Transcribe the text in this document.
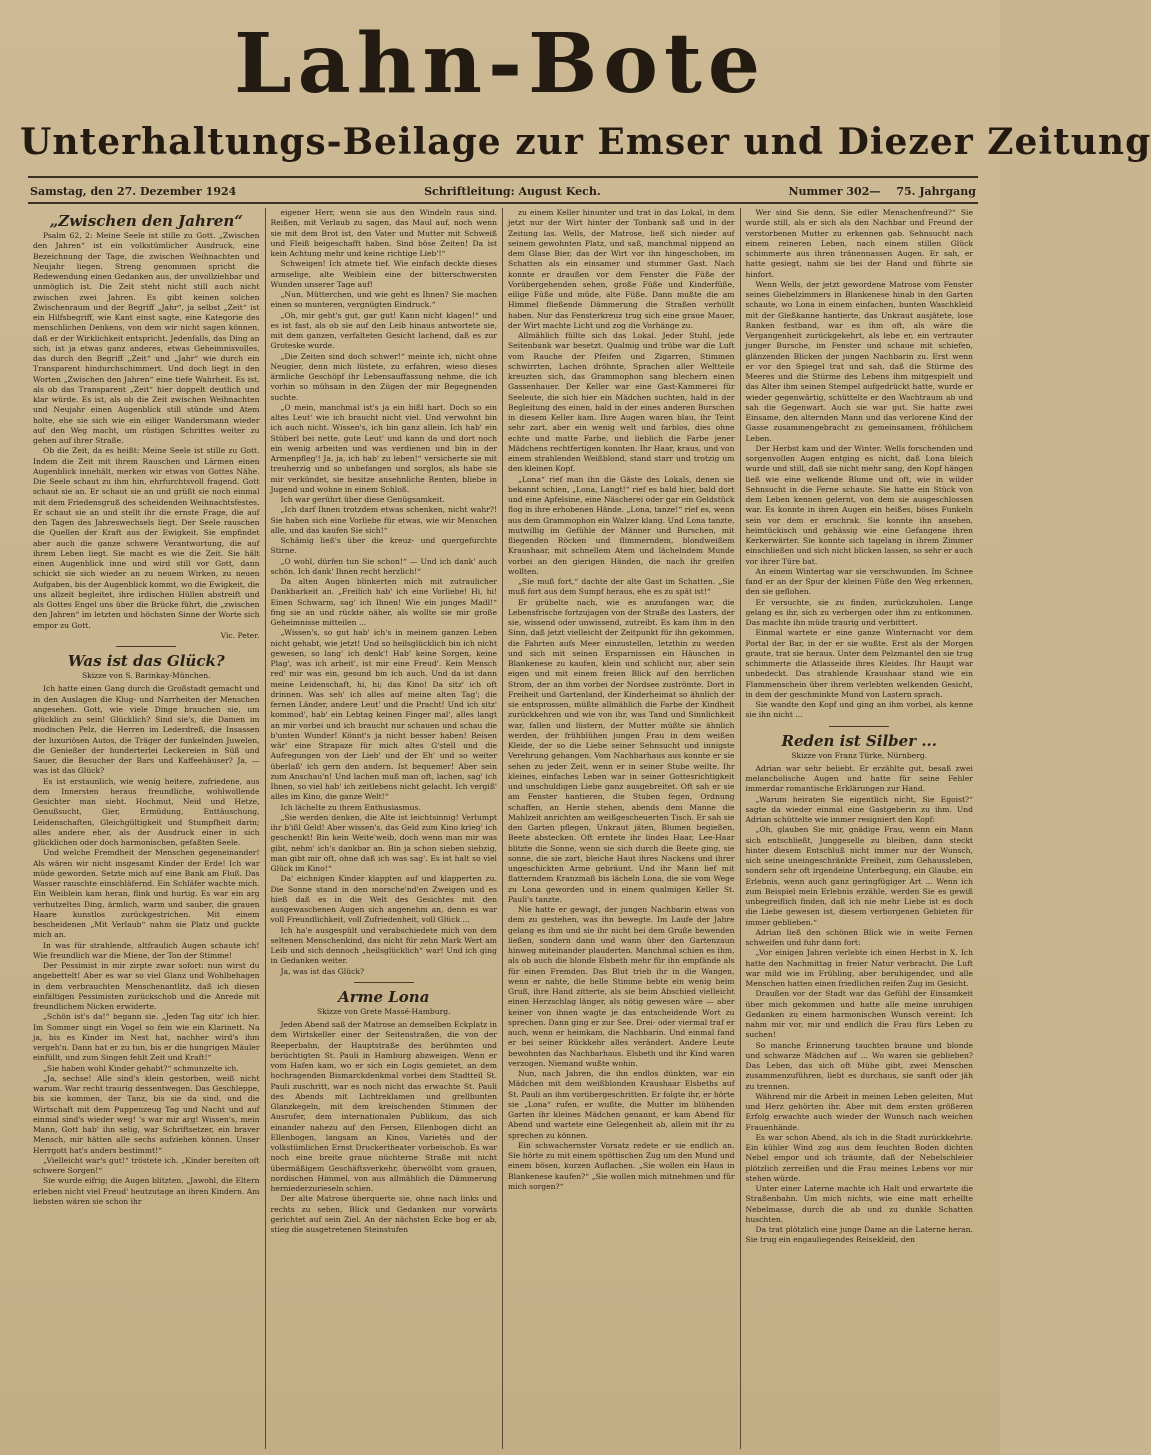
Lahn-Bote
Unterhaltungs-Beilage zur Emser und Diezer Zeitung
Samstag, den 27. Dezember 1924	Schriftleitung: August Kech.	Nummer 302— 75. Jahrgang
„Zwischen den Jahren“

Psalm 62, 2: Meine Seele ist stille zu Gott. „Zwischen den Jahren“ ist ein volkstümlicher Ausdruck, eine Bezeichnung der Tage, die zwischen Weihnachten und Neujahr liegen. Streng genommen spricht die Redewendung einen Gedanken aus, der unvollziehbar und unmöglich ist. Die Zeit steht nicht still auch nicht zwischen zwei Jahren. Es gibt keinen solchen Zwischenraum und der Begriff „Jahr“, ja selbst „Zeit“ ist ein Hilfsbegriff, wie Kant einst sagte, eine Kategorie des menschlichen Denkens, von dem wir nicht sagen können, daß er der Wirklichkeit entspricht. Jedenfalls, das Ding an sich, ist ja etwas ganz anderes, etwas Geheimnisvolles, das durch den Begriff „Zeit“ und „Jahr“ wie durch ein Transparent hindurchschimmert. Und doch liegt in den Worten „Zwischen den Jahren“ eine tiefe Wahrheit. Es ist, als ob das Transparent „Zeit“ hier doppelt deutlich und klar würde. Es ist, als ob die Zeit zwischen Weihnachten und Neujahr einen Augenblick still stünde und Atem holte, ehe sie sich wie ein eiliger Wandersmann wieder auf den Weg macht, um rüstigen Schrittes weiter zu gehen auf ihrer Straße.

Ob die Zeit, da es heißt: Meine Seele ist stille zu Gott. Indem die Zeit mit ihrem Rauschen und Lärmen einen Augenblick innehält, merken wir etwas von Gottes Nähe. Die Seele schaut zu ihm hin, ehrfurchtsvoll fragend. Gott schaut sie an. Er schaut sie an und grüßt sie noch einmal mit dem Friedensgruß des scheidenden Weihnachtsfestes. Er schaut sie an und stellt ihr die ernste Frage, die auf den Tagen des Jahreswechsels liegt. Der Seele rauschen die Quellen der Kraft aus der Ewigkeit. Sie empfindet aber auch die ganze schwere Verantwortung, die auf ihrem Leben liegt. Sie macht es wie die Zeit. Sie hält einen Augenblick inne und wird still vor Gott, dann schickt sie sich wieder an zu neuem Wirken, zu neuen Aufgaben, bis der Augenblick kommt, wo die Ewigkeit, die uns allzeit begleitet, ihre irdischen Hüllen abstreift und als Gottes Engel uns über die Brücke führt, die „zwischen den Jahren“ im letzten und höchsten Sinne der Worte sich empor zu Gott.

Vic. Peter.

Was ist das Glück?

Skizze von S. Barinkay-München.

Ich hatte einen Gang durch die Großstadt gemacht und in den Auslagen die Klug- und Narrheiten der Menschen angesehen. Gott, wie viele Dinge brauchen sie, um glücklich zu sein! Glücklich? Sind sie's, die Damen im modischen Pelz, die Herren im Lederdreß, die Insassen der luxuriösen Autos, die Träger der funkelnden Juwelen, die Genießer der hunderterlei Leckereien in Süß und Sauer, die Besucher der Bars und Kaffeehäuser? Ja, — was ist das Glück?

Es ist erstaunlich, wie wenig heitere, zufriedene, aus dem Innersten heraus freundliche, wohlwollende Gesichter man sieht. Hochmut, Neid und Hetze, Genußsucht, Gier, Ermüdung, Enttäuschung, Leidenschaften, Gleichgültigkeit und Stumpfheit darin; alles andere eher, als der Ausdruck einer in sich glücklichen oder doch harmonischen, gefaßten Seele.

Und welche Fremdheit der Menschen gegeneinander! Als wären wir nicht insgesamt Kinder der Erde! Ich war müde geworden. Setzte mich auf eine Bank am Fluß. Das Wasser rauschte einschläfernd. Ein Schläfer wachte mich. Ein Weiblein kam heran, flink und hurtig. Es war ein arg verhutzeltes Ding, ärmlich, warm und sauber, die grauen Haare kunstlos zurückgestrichen. Mit einem bescheidenen „Mit Verlaub“ nahm sie Platz und guckte mich an.

In was für strahlende, altfraulich Augen schaute ich! Wie freundlich war die Miene, der Ton der Stimme!

Der Pessimist in mir zirpte zwar sofort: nun wirst du angebettelt! Aber es war so viel Glanz und Wohlbehagen in dem verbrauchten Menschenantlitz, daß ich diesen einfältigen Pessimisten zurückschob und die Anrede mit freundlichem Nicken erwiderte.

„Schön ist's da!“ begann sie. „Jeden Tag sitz' ich hier. Im Sommer singt ein Vogel so fein wie ein Klarinett. Na ja, bis es Kinder im Nest hat, nachher wird's ihm vergeh'n. Dann hat er zu tun, bis er die hungrigen Mäuler einfüllt, und zum Singen fehlt Zeit und Kraft!“

„Sie haben wohl Kinder gehabt?“ schmunzelte ich.

„Ja, sechse! Alle sind's klein gestorben, weiß nicht warum. War recht traurig dessentwegen. Das Geschleppe, bis sie kommen, der Tanz, bis sie da sind, und die Wirtschaft mit dem Puppenzeug Tag und Nacht und auf einmal sind's wieder weg! 's war mir arg! Wissen's, mein Mann, Gott hab' ihn selig, war Schriftsetzer, ein braver Mensch, mir hätten alle sechs aufziehen können. Unser Herrgott hat's anders bestimmt!“

„Vielleicht war's gut!“ tröstete ich. „Kinder bereiten oft schwere Sorgen!“

Sie wurde eifrig; die Augen blitzten. „Jawohl, die Eltern erleben nicht viel Freud' heutzutage an ihren Kindern. Am liebsten wären sie schon ihr

eigener Herr, wenn sie aus den Windeln raus sind. Reißen, mit Verlaub zu sagen, das Maul auf, noch wenn sie mit dem Brot ist, den Vater und Mutter mit Schweiß und Fleiß beigeschafft haben. Sind böse Zeiten! Da ist kein Achtung mehr und keine richtige Lieb'!“

Schweigen! Ich atmete tief. Wie einfach deckte dieses armselige, alte Weiblein eine der bitterschwersten Wunden unserer Tage auf!

„Nun, Mütterchen, und wie geht es Ihnen? Sie machen einen so munteren, vergnügten Eindruck.“

„Oh, mir geht's gut, gar gut! Kann nicht klagen!“ und es ist fast, als ob sie auf den Leib hinaus antwortete sie, mit dem ganzen, verfalteten Gesicht lachend, daß es zur Groteske wurde.

„Die Zeiten sind doch schwer!“ meinte ich, nicht ohne Neugier, denn mich lüstete, zu erfahren, wieso dieses ärmliche Geschöpf ihr Lebensauffassung nehme, die ich vorhin so mühsam in den Zügen der mir Begegnenden suchte.

„O mein, manchmal ist's ja ein bißl hart. Doch so ein altes Leut' wie ich braucht nicht viel. Und verwohnt bin ich auch nicht. Wissen's, ich bin ganz allein. Ich hab' ein Stüberl bei nette, gute Leut' und kann da und dort noch ein wenig arbeiten und was verdienen und bin in der Armenpfleg'! Ja, ja, ich hab' zu leben!“ versicherte sie mit treuherzig und so unbefangen und sorglos, als habe sie mir verkündet, sie besitze ansehnliche Renten, bliebe in Jugend und wohne in einem Schloß.

Ich war gerührt über diese Genügsamkeit.

„Ich darf Ihnen trotzdem etwas schenken, nicht wahr?! Sie haben sich eine Vorliebe für etwas, wie wir Menschen alle, und das kaufen Sie sich!“

Schämig ließ's über die kreuz- und quergefurchte Stirne.

„O wohl, dürfen tun Sie schon!“ — Und ich dank' auch schön. Ich dank' Ihnen recht herzlich!“

Da alten Augen blinkerten mich mit zutraulicher Dankbarkeit an. „Freilich hab' ich eine Vorliebe! Hi, hi! Einen Schwarm, sag' ich Ihnen! Wie ein junges Madl!“ fing sie an und rückte näher, als wollte sie mir große Geheimnisse mitteilen ...

„Wissen's, so gut hab' ich's in meinem ganzen Leben nicht gehabt, wie jetzt! Und so heilsglücklich bin ich nicht gewesen, so lang' ich denk'! Hab' keine Sorgen, keine Plag', was ich arbeit', ist mir eine Freud'. Kein Mensch red' mir was ein, gesund bin ich auch. Und da ist dann meine Leidenschaft, hi, hi; das Kino! Da sitz' ich oft drinnen. Was seh' ich alles auf meine alten Tag'; die fernen Länder, andere Leut' und die Pracht! Und ich sitz' kommod', hab' ein Lebtag keinen Finger mal', alles langt an mir vorbei und ich braucht nur schauen und schau die b'unten Wunder! Könnt's ja nicht besser haben! Reisen wär' eine Strapaze für mich altes G'stell und die Aufregungen von der Lieb' und der Eh' und so weiter überlaß' ich gern den andern. Ist bequemer! Aber sein zum Anschau'n! Und lachen muß man oft, lachen, sag' ich Ihnen, so viel hab' ich zeitlebens nicht gelacht. Ich vergiß' alles im Kino, die ganze Welt!“

Ich lächelte zu ihrem Enthusiasmus.

„Sie werden denken, die Alte ist leichtsinnig! Verlumpt ihr b'ißl Geld! Aber wissen's, das Geld zum Kino krieg' ich geschenkt! Bin kein Weite'weib, doch wenn man mir was gibt, nehm' ich's dankbar an. Bin ja schon sieben siebzig, man gibt mir oft, ohne daß ich was sag'. Es ist halt so viel Glück im Kino!“

Da' eichnigen Kinder klappten auf und klapperten zu. Die Sonne stand in den morsche'nd'en Zweigen und es hieß daß es in die Welt des Gesichtes mit den ausgewaschenen Augen sich angenehm an, denn es war voll Freundlichkeit, voll Zufriedenheit, voll Glück ...

Ich ha'e ausgespült und verabschiedete mich von dem seltenen Menschenkind, das nicht für zehn Mark Wert am Leib und sich dennoch „heilsglücklich“ war! Und ich ging in Gedanken weiter.

Ja, was ist das Glück?

Arme Lona

Skizze von Grete Massé-Hamburg.

Jeden Abend saß der Matrose an demselben Eckplatz in dem Wirtskeller einer der Seitenstraßen, die von der Reeperbahn, der Hauptstraße des berühmten und berüchtigten St. Pauli in Hamburg abzweigen. Wenn er vom Hafen kam, wo er sich ein Logis gemietet, an dem hochragenden Bismarckdenkmal vorbei dem Stadtteil St. Pauli zuschritt, war es noch nicht das erwachte St. Pauli des Abends mit Lichtreklamen und grellbunten Glanzkegeln, mit dem kreischenden Stimmen der Ausrufer, dem internationalen Publikum, das sich einander nahezu auf den Fersen, Ellenbogen dicht an Ellenbogen, langsam an Kinos, Varietés und der volkstümlichen Ernst Druckertheater vorbeischob. Es war noch eine breite graue nüchterne Straße mit nicht übermäßigem Geschäftsverkehr, überwölbt vom grauen, nordischen Himmel, von aus allmählich die Dämmerung herniederzurieseln schien.

Der alte Matrose überquerte sie, ohne nach links und rechts zu sehen, Blick und Gedanken nur vorwärts gerichtet auf sein Ziel. An der nächsten Ecke bog er ab, stieg die ausgetretenen Steinstufen

zu einem Keller hinunter und trat in das Lokal, in dem jetzt nur der Wirt hinter der Tonbank saß und in der Zeitung las. Wells, der Matrose, ließ sich nieder auf seinem gewohnten Platz, und saß, manchmal nippend an dem Glase Bier, das der Wirt vor ihn hingeschoben, im Schatten als ein einsamer und stummer Gast. Nach konnte er draußen vor dem Fenster die Füße der Vorübergehenden sehen, große Füße und Kinderfüße, eilige Füße und müde, alte Füße. Dann mußte die am Himmel fließende Dämmerung die Straßen verhüllt haben. Nur das Fensterkreuz trug sich eine graue Mauer, der Wirt machte Licht und zog die Vorhänge zu.

Allmählich füllte sich das Lokal. Jeder Stuhl, jede Seitenbank war besetzt. Qualmig und trübe war die Luft vom Rauche der Pfeifen und Zigarren, Stimmen schwirrten, Lachen dröhnte, Sprachen aller Weltteile kreuzten sich, das Grammophon sang blechern einen Gassenhauer. Der Keller war eine Gast-Kammerei für Seeleute, die sich hier ein Mädchen suchten, hald in der Begleitung des einen, bald in der eines anderen Burschen in diesem Keller kam. Ihre Augen waren blau, ihr Teint sehr zart, aber ein wenig welt und farblos, dies ohne echte und matte Farbe, und lieblich die Farbe jener Mädchens rechtfertigen konnten. Ihr Haar, kraus, und von einem strahlenden Weißblond, stand starr und trotzig um den kleinen Kopf.

„Lona“ rief man ihn die Gäste des Lokals, denen sie bekannt schien, „Lona, Langt!“ rief es bald hier, bald dort und eine Apfelsine, eine Näscherei oder gar ein Geldstück flog in ihre erhobenen Hände. „Lona, tanze!“ rief es, wenn aus dem Grammophon ein Walzer klang. Und Lona tanzte, mutwillig im Gefühle der Männer und Burschen, mit fliegenden Röcken und flimmerndem, blondweißem Kraushaar, mit schnellem Atem und lächelndem Munde vorbei an den gierigen Händen, die nach ihr greifen wollten.

„Sie muß fort,“ dachte der alte Gast im Schatten. „Sie muß fort aus dem Sumpf heraus, ehe es zu spät ist!“

Er grübelte nach, wie es anzufangen war, die Lebensfrische fortzujagen von der Straße des Lasters, der sie, wissend oder unwissend, zutreibt. Es kam ihm in den Sinn, daß jetzt vielleicht der Zeitpunkt für ihn gekommen, die Fahrten aufs Meer einzustellen, letzthin zu werden und sich mit seinen Ersparnissen ein Häuschen in Blankenese zu kaufen, klein und schlicht nur, aber sein eigen und mit einem freien Blick auf den herrlichen Strom, der an ihm vorbei der Nordsee zuströmte. Dort in Freiheit und Gartenland, der Kinderheimat so ähnlich der sie entsprossen, müßte allmählich die Farbe der Kindheit zurückkehren und wie von ihr, was Tand und Sinnlichkeit war, fallen und lüstern, der Mutter müßte sie ähnlich werden, der frühblühen jungen Frau in dem weißen Kleide, der so die Liebe seiner Sehnsucht und innigste Verehrung gehangen. Vom Nachbarhaus aus konnte er sie sehen zu jeder Zeit, wenn er in seiner Stube weilte. Ihr kleines, einfaches Leben war in seiner Gottesrichtigkeit und unschuldigen Liebe ganz ausgebreitet. Oft sah er sie am Fenster hantieren, die Stuben fegen, Ordnung schaffen, an Herde stehen, abends dem Manne die Mahlzeit anrichten am weißgescheuerten Tisch. Er sah sie den Garten pflegen, Unkraut jäten, Blumen begießen, Beete abstecken. Oft erntete ihr lindes Haar, Lee-Haar blitzte die Sonne, wenn sie sich durch die Beete ging, sie sonne, die sie zart, bleiche Haut ihres Nackens und ihrer ungeschickten Arme gebräunt. Und ihr Mann lief mit flatterndem Kranzmaß bis lächeln Lona, die sie vom Wege zu Lona geworden und in einem qualmigen Keller St. Pauli's tanzte.

Nie hatte er gewagt, der jungen Nachbarin etwas von dem zu gestehen, was ihn bewegte. Im Laufe der Jahre gelang es ihm und sie ihr nicht bei dem Gruße bewenden ließen, sondern dann und wann über den Gartenzaun hinweg miteinander plauderten. Manchmal schien es ihm, als ob auch die blonde Elsbeth mehr für ihn empfände als für einen Fremden. Das Blut trieb ihr in die Wangen, wenn er nahte, die helle Stimme bebte ein wenig beim Gruß, ihre Hand zitterte, als sie beim Abschied vielleicht einen Herzschlag länger, als nötig gewesen wäre — aber keiner von ihnen wagte je das entscheidende Wort zu sprechen. Dann ging er zur See. Drei- oder viermal traf er auch, wenn er heimkam, die Nachbarin. Und einmal fand er bei seiner Rückkehr alles verändert. Andere Leute bewohnten das Nachbarhaus. Elsbeth und ihr Kind waren verzogen. Niemand wußte wohin.

Nun, nach Jahren, die ihn endlos dünkten, war ein Mädchen mit dem weißblonden Kraushaar Elsbeths auf St. Pauli an ihm vorübergeschritten. Er folgte ihr, er hörte sie „Lona“ rufen, er wußte, die Mutter im blühenden Garten ihr kleines Mädchen genannt, er kam Abend für Abend und wartete eine Gelegenheit ab, allein mit ihr zu sprechen zu können.

Ein schwachernster Vorsatz redete er sie endlich an. Sie hörte zu mit einem spöttischen Zug um den Mund und einem bösen, kurzen Auflachen. „Sie wollen ein Haus in Blankenese kaufen?“ „Sie wollen mich mitnehmen und für mich sorgen?“

Wer sind Sie denn, Sie edler Menschenfreund?“ Sie wurde still, als er sich als den Nachbar und Freund der verstorbenen Mutter zu erkennen gab. Sehnsucht nach einem reineren Leben, nach einem stillen Glück schimmerte aus ihren tränennassen Augen. Er sah, er hatte gesiegt, nahm sie bei der Hand und führte sie hinfort.

Wenn Wells, der jetzt gewordene Matrose vom Fenster seines Giebelzimmers in Blankenese hinab in den Garten schaute, wo Lona in einem einfachen, bunten Waschkleid mit der Gießkanne hantierte, das Unkraut ausjätete, lose Ranken festband, war es ihm oft, als wäre die Vergangenheit zurückgekehrt, als lebe er, ein vertrauter junger Bursche, im Fenster und schaue mit schiefen, glänzenden Blicken der jungen Nachbarin zu. Erst wenn er vor den Spiegel trat und sah, daß die Stürme des Meeres und die Stürme des Lebens ihm mitgespielt und das Alter ihm seinen Stempel aufgedrückt hatte, wurde er wieder gegenwärtig, schüttelte er den Wachtraum ab und sah die Gegenwart. Auch sie war gut. Sie hatte zwei Einsame, den alternden Mann und das verlorene Kind der Gasse zusammengebracht zu gemeinsamem, fröhlichem Leben.

Der Herbst kam und der Winter. Wells forschenden und sorgenvollen Augen entging es nicht, daß Lona bleich wurde und still, daß sie nicht mehr sang, den Kopf hängen ließ wie eine welkende Blume und oft, wie in wilder Sehnsucht in die Ferne schaute. Sie hatte ein Stück von dem Leben kennen gelernt, von dem sie ausgeschlossen war. Es konnte in ihren Augen ein heißes, böses Funkeln sein vor dem er erschrak. Sie konnte ihn ansehen, heimtückisch und gehässig wie eine Gefangene ihren Kerkerwärter. Sie konnte sich tagelang in ihrem Zimmer einschließen und sich nicht blicken lassen, so sehr er auch vor ihrer Türe bat.

An einem Wintertag war sie verschwunden. Im Schnee fand er an der Spur der kleinen Füße den Weg erkennen, den sie geflohen.

Er versuchte, sie zu finden, zurückzuholen. Lange gelang es ihr, sich zu verbergen oder ihm zu entkommen. Das machte ihn müde traurig und verbittert.

Einmal wartete er eine ganze Winternacht vor dem Portal der Bar, in der er sie wußte. Erst als der Morgen graute, trat sie heraus. Unter dem Pelzmantel den sie trug schimmerte die Atlasseide ihres Kleides. Ihr Haupt war unbedeckt. Das strahlende Kraushaar stand wie ein Flammenschein über ihrem verlebten welkenden Gesicht, in dem der geschminkte Mund von Lastern sprach.

Sie wandte den Kopf und ging an ihm vorbei, als kenne sie ihn nicht ...

Reden ist Silber ...

Skizze von Franz Türke, Nürnberg.

Adrian war sehr beliebt. Er erzählte gut, besaß zwei melancholische Augen und hatte für seine Fehler immerdar romantische Erklärungen zur Hand.

„Warum heiraten Sie eigentlich nicht, Sie Egoist?“ sagte da wieder einmal eine Gastgeberin zu ihm. Und Adrian schüttelte wie immer resigniert den Kopf:

„Oh, glauben Sie mir, gnädige Frau, wenn ein Mann sich entschließt, Junggeselle zu bleiben, dann steckt hinter diesem Entschluß nicht immer nur der Wunsch, sich seine uneingeschränkte Freiheit, zum Gehaussleben, sondern sehr oft irgendeine Unterbegung, ein Glaube, ein Erlebnis, wenn auch ganz geringfügiger Art ... Wenn ich zum Beispiel mein Erlebnis erzähle, werden Sie es gewiß unbegreiflich finden, daß ich nie mehr Liebe ist es doch die Liebe gewesen ist, diesem verborgenen Gebieten für immer geblieben.“

Adrian ließ den schönen Blick wie in weite Fernen schweifen und fuhr dann fort:

„Vor einigen Jahren verlebte ich einen Herbst in X. Ich hatte den Nachmittag in freier Natur verbracht. Die Luft war mild wie im Frühling, aber beruhigender, und alle Menschen hatten einen friedlichen reifen Zug im Gesicht.

Draußen vor der Stadt war das Gefühl der Einsamkeit über mich gekommen und hatte alle meine unruhigen Gedanken zu einem harmonischen Wunsch vereint: Ich nahm mir vor, mir und endlich die Frau fürs Leben zu suchen!

So manche Erinnerung tauchten braune und blonde und schwarze Mädchen auf ... Wo waren sie geblieben? Das Leben, das sich oft Mühe gibt, zwei Menschen zusammenzuführen, liebt es durchaus, sie sanft oder jäh zu trennen.

Während mir die Arbeit in meinen Leben geleiten, Mut und Herz gehörten ihr. Aber mit dem ersten größeren Erfolg erwachte auch wieder der Wunsch nach weichen Frauenhände.

Es war schon Abend, als ich in die Stadt zurückkehrte. Ein kühler Wind zog aus dem feuchten Boden dichten Nebel empor und ich träumte, daß der Nebelschleier plötzlich zerreißen und die Frau meines Lebens vor mir stehen würde.

Unter einer Laterne machte ich Halt und erwartete die Straßenbahn. Um mich nichts, wie eine matt erhellte Nebelmasse, durch die ab und zu dunkle Schatten huschten.

Da trat plötzlich eine junge Dame an die Laterne heran. Sie trug ein engauliegendes Reisekleid, den
